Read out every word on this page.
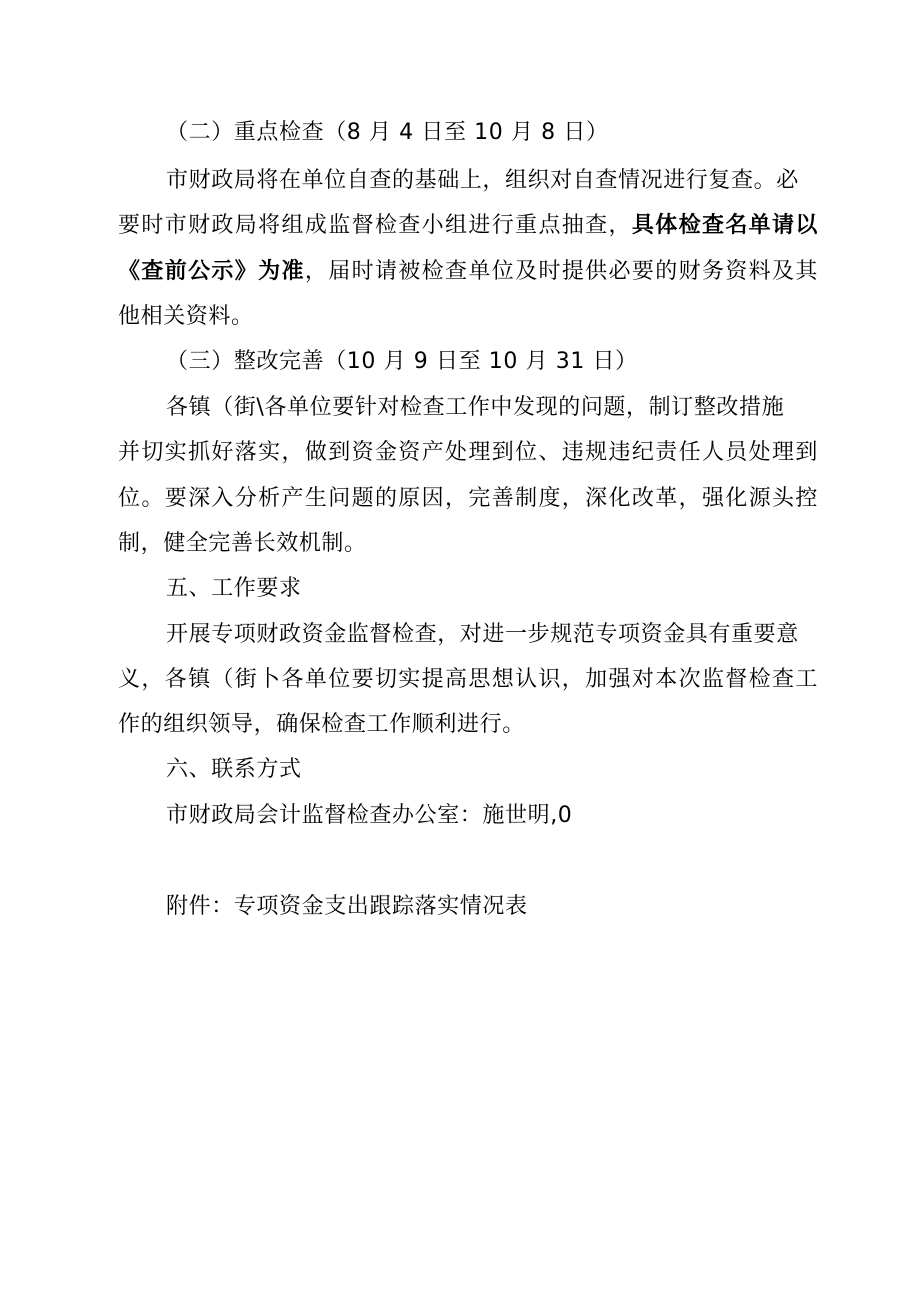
（二）重点检查（8 月 4 日至 10 月 8 日）
市财政局将在单位自查的基础上，组织对自查情况进行复查。必
要时市财政局将组成监督检查小组进行重点抽查，具体检查名单请以
《查前公示》为准，届时请被检查单位及时提供必要的财务资料及其
他相关资料。
（三）整改完善（10 月 9 日至 10 月 31 日）
各镇（街\各单位要针对检查工作中发现的问题，制订整改措施
并切实抓好落实，做到资金资产处理到位、违规违纪责任人员处理到
位。要深入分析产生问题的原因，完善制度，深化改革，强化源头控
制，健全完善长效机制。
五、工作要求
开展专项财政资金监督检查，对进一步规范专项资金具有重要意
义，各镇（街卜各单位要切实提高思想认识，加强对本次监督检查工
作的组织领导，确保检查工作顺利进行。
六、联系方式
市财政局会计监督检查办公室：施世明,0
附件：专项资金支出跟踪落实情况表
